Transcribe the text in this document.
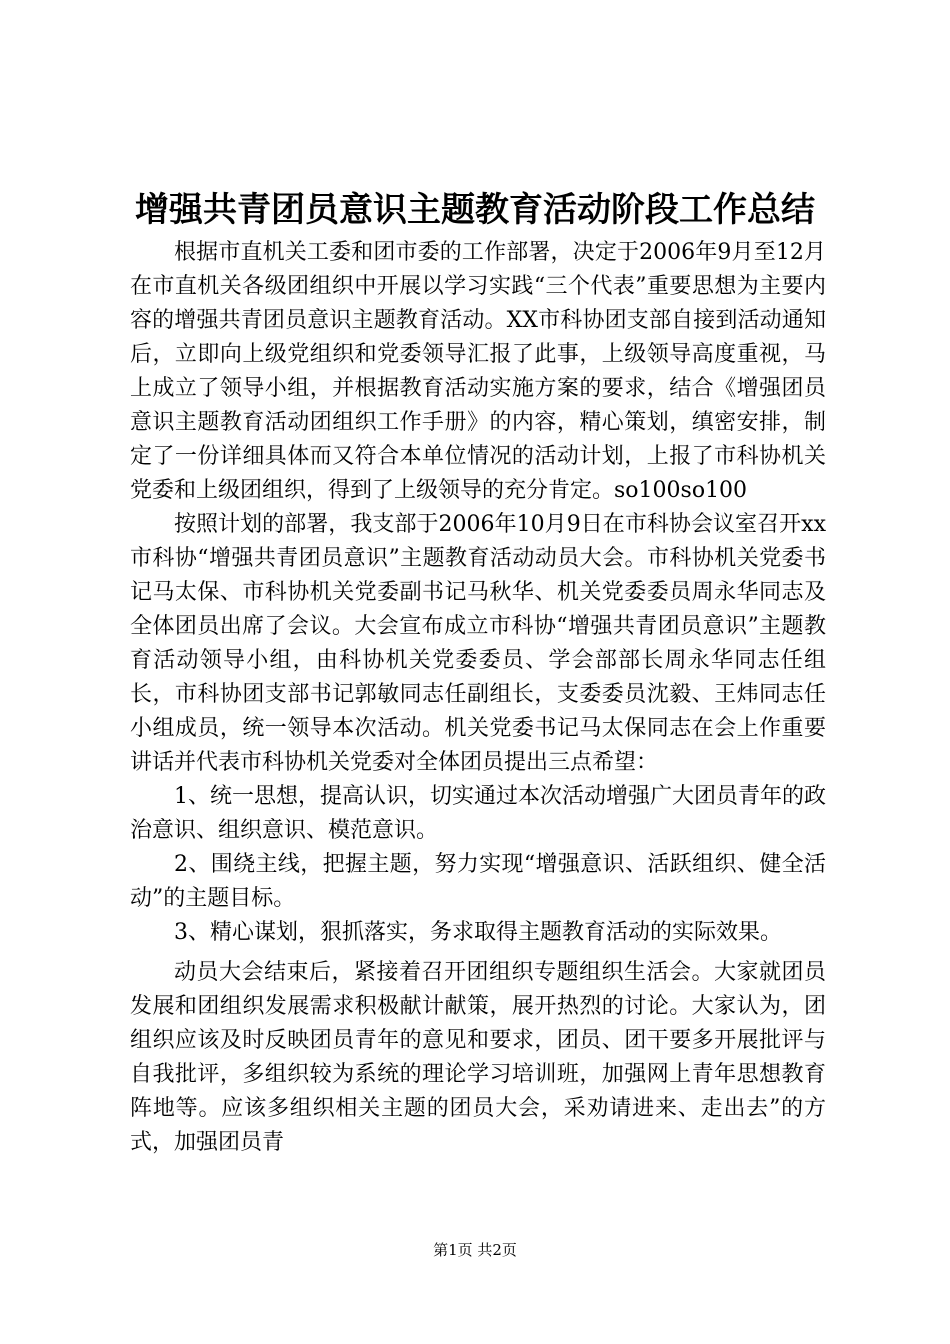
增强共青团员意识主题教育活动阶段工作总结

根据市直机关工委和团市委的工作部署，决定于2006年9月至12月在市直机关各级团组织中开展以学习实践“三个代表”重要思想为主要内容的增强共青团员意识主题教育活动。XX市科协团支部自接到活动通知后，立即向上级党组织和党委领导汇报了此事，上级领导高度重视，马上成立了领导小组，并根据教育活动实施方案的要求，结合《增强团员意识主题教育活动团组织工作手册》的内容，精心策划，缜密安排，制定了一份详细具体而又符合本单位情况的活动计划，上报了市科协机关党委和上级团组织，得到了上级领导的充分肯定。so100so100

按照计划的部署，我支部于2006年10月9日在市科协会议室召开xx市科协“增强共青团员意识”主题教育活动动员大会。市科协机关党委书记马太保、市科协机关党委副书记马秋华、机关党委委员周永华同志及全体团员出席了会议。大会宣布成立市科协“增强共青团员意识”主题教育活动领导小组，由科协机关党委委员、学会部部长周永华同志任组长，市科协团支部书记郭敏同志任副组长，支委委员沈毅、王炜同志任小组成员，统一领导本次活动。机关党委书记马太保同志在会上作重要讲话并代表市科协机关党委对全体团员提出三点希望：

1、统一思想，提高认识，切实通过本次活动增强广大团员青年的政治意识、组织意识、模范意识。

2、围绕主线，把握主题，努力实现“增强意识、活跃组织、健全活动”的主题目标。

3、精心谋划，狠抓落实，务求取得主题教育活动的实际效果。

动员大会结束后，紧接着召开团组织专题组织生活会。大家就团员发展和团组织发展需求积极献计献策，展开热烈的讨论。大家认为，团组织应该及时反映团员青年的意见和要求，团员、团干要多开展批评与自我批评，多组织较为系统的理论学习培训班，加强网上青年思想教育阵地等。应该多组织相关主题的团员大会，采劝请进来、走出去”的方式，加强团员青

第1页 共2页
